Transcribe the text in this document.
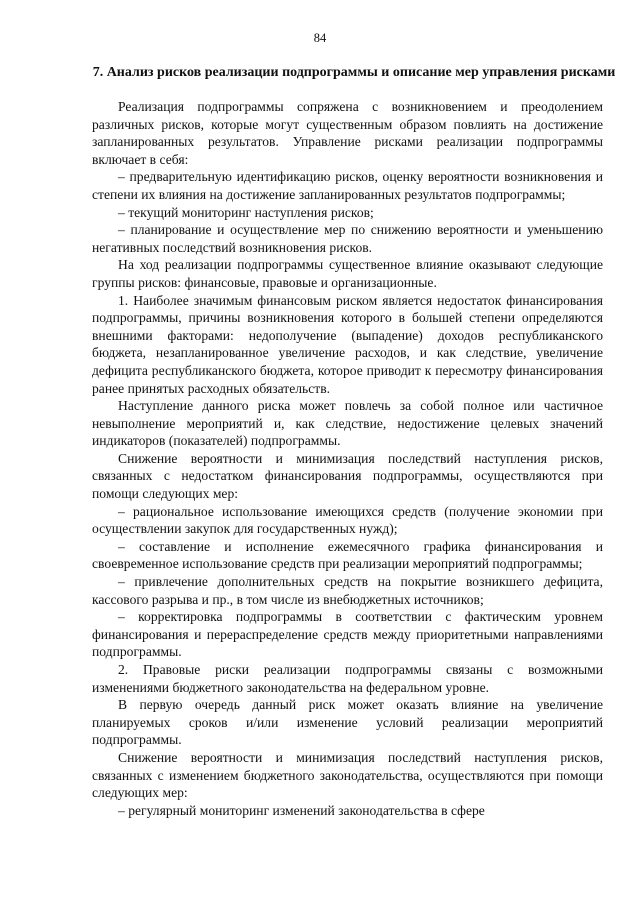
84
7. Анализ рисков реализации подпрограммы и описание мер управления рисками

Реализация подпрограммы сопряжена с возникновением и преодолением различных рисков, которые могут существенным образом повлиять на достижение запланированных результатов. Управление рисками реализации подпрограммы включает в себя:

– предварительную идентификацию рисков, оценку вероятности возникновения и степени их влияния на достижение запланированных результатов подпрограммы;

– текущий мониторинг наступления рисков;

– планирование и осуществление мер по снижению вероятности и уменьшению негативных последствий возникновения рисков.

На ход реализации подпрограммы существенное влияние оказывают следующие группы рисков: финансовые, правовые и организационные.

1. Наиболее значимым финансовым риском является недостаток финансирования подпрограммы, причины возникновения которого в большей степени определяются внешними факторами: недополучение (выпадение) доходов республиканского бюджета, незапланированное увеличение расходов, и как следствие, увеличение дефицита республиканского бюджета, которое приводит к пересмотру финансирования ранее принятых расходных обязательств.

Наступление данного риска может повлечь за собой полное или частичное невыполнение мероприятий и, как следствие, недостижение целевых значений индикаторов (показателей) подпрограммы.

Снижение вероятности и минимизация последствий наступления рисков, связанных с недостатком финансирования подпрограммы, осуществляются при помощи следующих мер:

– рациональное использование имеющихся средств (получение экономии при осуществлении закупок для государственных нужд);

– составление и исполнение ежемесячного графика финансирования и своевременное использование средств при реализации мероприятий подпрограммы;

– привлечение дополнительных средств на покрытие возникшего дефицита, кассового разрыва и пр., в том числе из внебюджетных источников;

– корректировка подпрограммы в соответствии с фактическим уровнем финансирования и перераспределение средств между приоритетными направлениями подпрограммы.

2. Правовые риски реализации подпрограммы связаны с возможными изменениями бюджетного законодательства на федеральном уровне.

В первую очередь данный риск может оказать влияние на увеличение планируемых сроков и/или изменение условий реализации мероприятий подпрограммы.

Снижение вероятности и минимизация последствий наступления рисков, связанных с изменением бюджетного законодательства, осуществляются при помощи следующих мер:

– регулярный мониторинг изменений законодательства в сфере
